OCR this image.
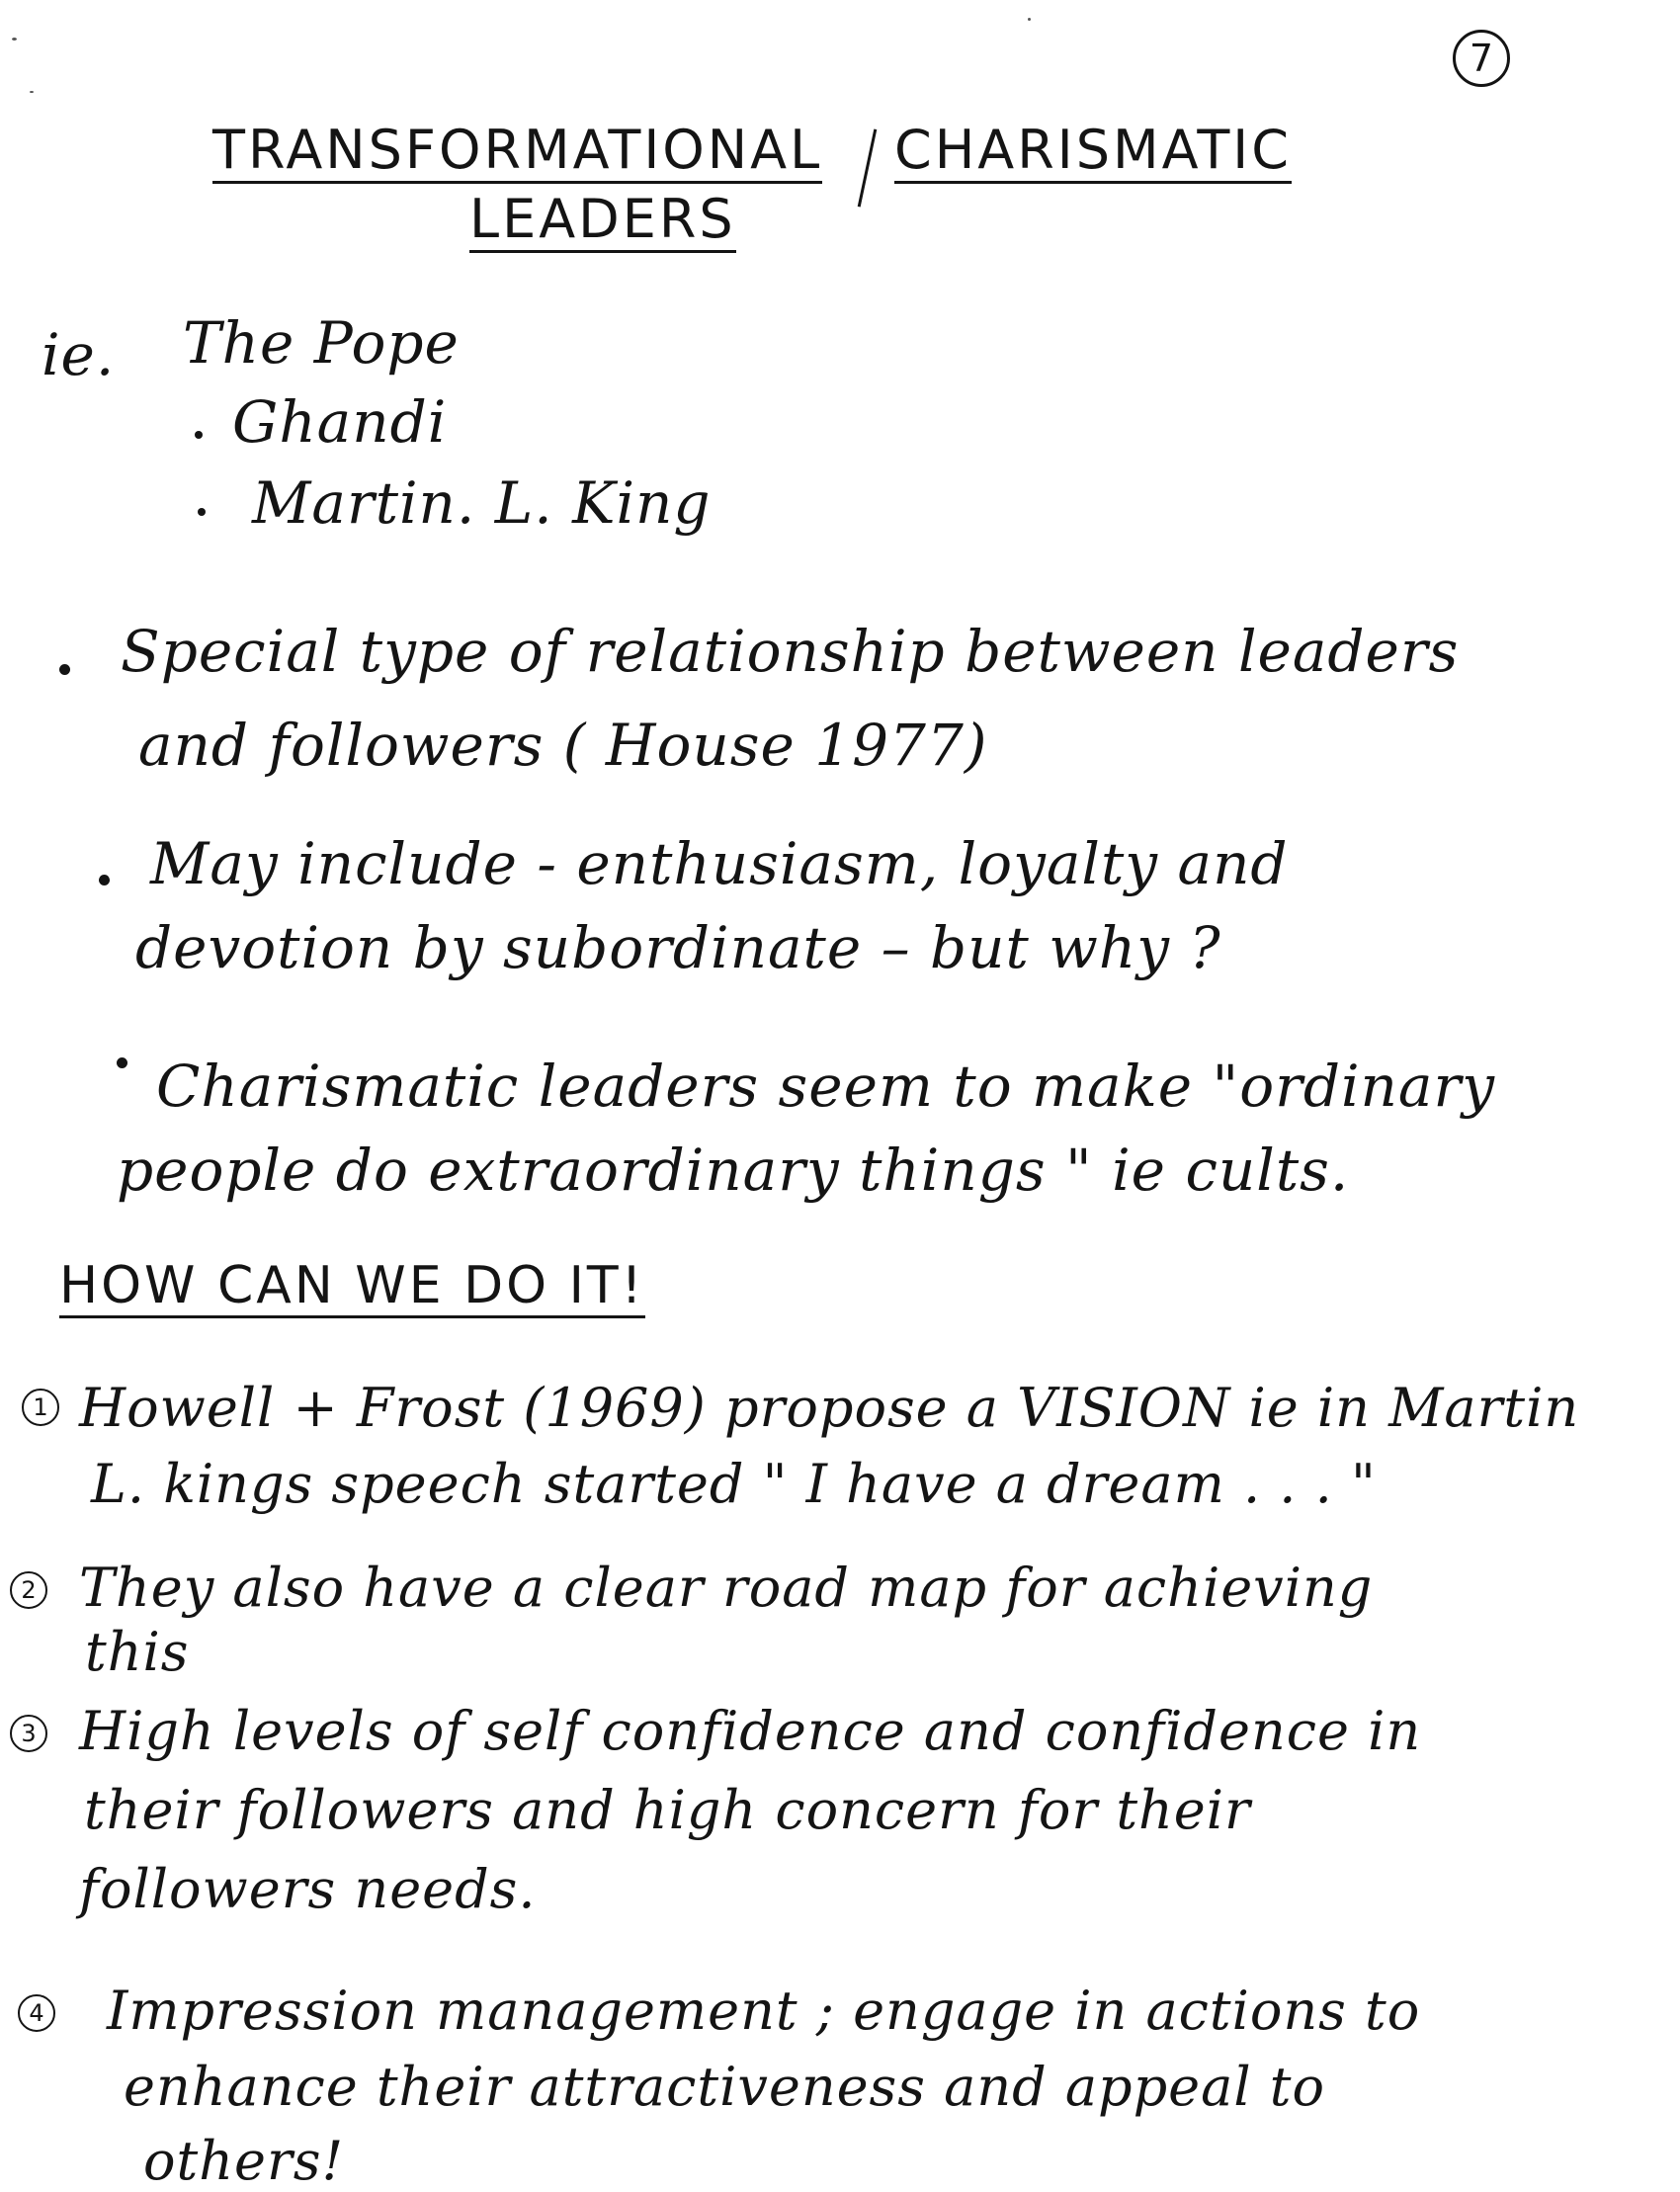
7
TRANSFORMATIONAL CHARISMATIC
LEADERS
ie. The Pope
Ghandi
Martin. L. King
Special type of relationship between leaders
and followers ( House 1977)
May include - enthusiasm, loyalty and
devotion by subordinate – but why ?
Charismatic leaders seem to make "ordinary
people do extraordinary things " ie cults.
HOW CAN WE DO IT!
1 Howell + Frost (1969) propose a VISION ie in Martin
L. kings speech started " I have a dream . . . "
2 They also have a clear road map for achieving
this
3 High levels of self confidence and confidence in
their followers and high concern for their
followers needs.
4 Impression management ; engage in actions to
enhance their attractiveness and appeal to
others!
